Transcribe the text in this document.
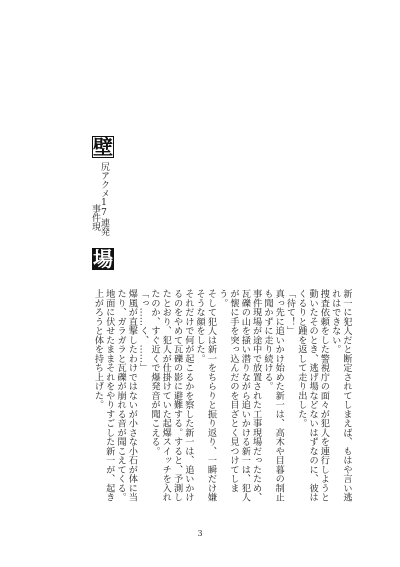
壁
尻アクメ17連発
事件現
場

新一に犯人だと断定されてしまえば、もはや言い逃れはできない。

捜査依頼をした警視庁の面々が犯人を連行しようと動いたそのとき、逃げ場などないはずなのに、彼はくるりと踵を返して走り出した。

「待て！」

真っ先に追いかけ始めた新一は、高木や目暮の制止も聞かずに走り続ける。

事件現場が途中で放置された工事現場だったため、瓦礫の山を掻い潜りながら追いかける新一は、犯人が懐に手を突っ込んだのを目ざとく見つけてしまう。

そして犯人は新一をちらりと振り返り、一瞬だけ嫌そうな顔をした。

それだけで何が起こるかを察した新一は、追いかけるのをやめて瓦礫の影に避難する。すると、予測したとおり、犯人が仕掛けていた起爆スイッチを入れたのか、すぐ近くで爆発音が聞こえる。

「っ……く、……」

爆風が直撃したわけではないが小さな小石が体に当たり、ガラガラと瓦礫が崩れる音が聞こえてくる。地面に伏せたままそれをやりすごした新一が、起き上がろうと体を持ち上げた。

3
